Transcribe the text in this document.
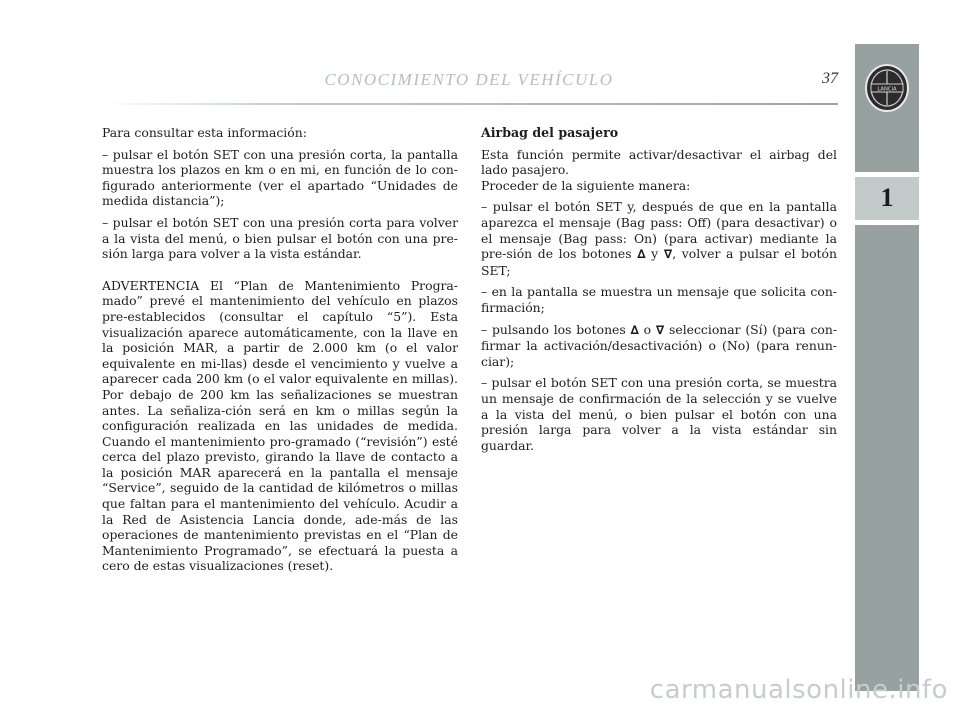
CONOCIMIENTO DEL VEHÍCULO	37
LANCIA
1

Para consultar esta información:

– pulsar el botón SET con una presión corta, la pantalla muestra los plazos en km o en mi, en función de lo con-figurado anteriormente (ver el apartado “Unidades de medida distancia”);

– pulsar el botón SET con una presión corta para volver a la vista del menú, o bien pulsar el botón con una pre-sión larga para volver a la vista estándar.

ADVERTENCIA El “Plan de Mantenimiento Progra-mado” prevé el mantenimiento del vehículo en plazos pre-establecidos (consultar el capítulo “5”). Esta visualización aparece automáticamente, con la llave en la posición MAR, a partir de 2.000 km (o el valor equivalente en mi-llas) desde el vencimiento y vuelve a aparecer cada 200 km (o el valor equivalente en millas). Por debajo de 200 km las señalizaciones se muestran antes. La señaliza-ción será en km o millas según la configuración realizada en las unidades de medida. Cuando el mantenimiento pro-gramado (“revisión”) esté cerca del plazo previsto, girando la llave de contacto a la posición MAR aparecerá en la pantalla el mensaje “Service”, seguido de la cantidad de kilómetros o millas que faltan para el mantenimiento del vehículo. Acudir a la Red de Asistencia Lancia donde, ade-más de las operaciones de mantenimiento previstas en el “Plan de Mantenimiento Programado”, se efectuará la puesta a cero de estas visualizaciones (reset).

Airbag del pasajero

Esta función permite activar/desactivar el airbag del lado pasajero.

Proceder de la siguiente manera:

– pulsar el botón SET y, después de que en la pantalla aparezca el mensaje (Bag pass: Off) (para desactivar) o el mensaje (Bag pass: On) (para activar) mediante la pre-sión de los botones ∆ y ∇, volver a pulsar el botón SET;

– en la pantalla se muestra un mensaje que solicita con-firmación;

– pulsando los botones ∆ o ∇ seleccionar (Sí) (para con-firmar la activación/desactivación) o (No) (para renun-ciar);

– pulsar el botón SET con una presión corta, se muestra un mensaje de confirmación de la selección y se vuelve a la vista del menú, o bien pulsar el botón con una presión larga para volver a la vista estándar sin guardar.

carmanualsonline.info
